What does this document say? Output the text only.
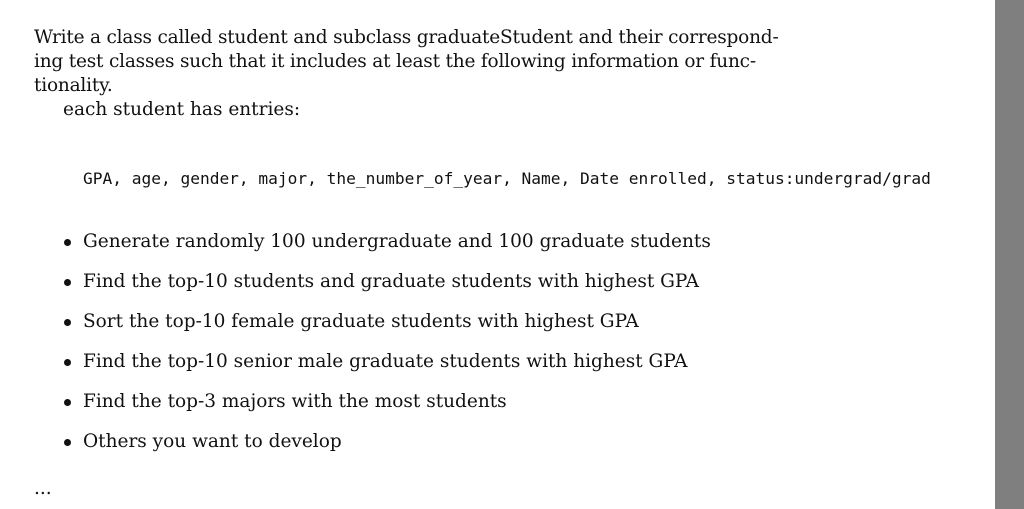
Write a class called student and subclass graduateStudent and their correspond-
ing test classes such that it includes at least the following information or func-
tionality.

each student has entries:

GPA, age, gender, major, the_number_of_year, Name, Date enrolled, status:undergrad/grad
Generate randomly 100 undergraduate and 100 graduate students
Find the top-10 students and graduate students with highest GPA
Sort the top-10 female graduate students with highest GPA
Find the top-10 senior male graduate students with highest GPA
Find the top-3 majors with the most students
Others you want to develop

...
